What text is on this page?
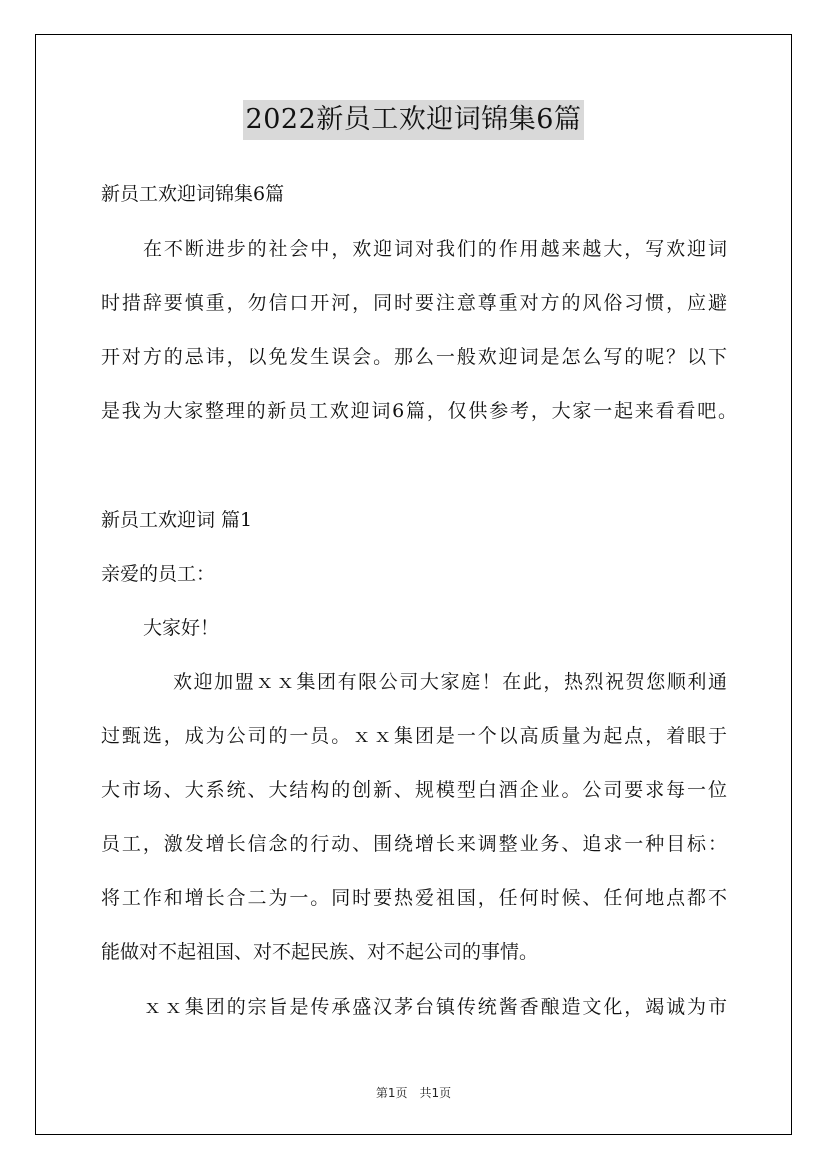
2022新员工欢迎词锦集6篇
新员工欢迎词锦集6篇
在不断进步的社会中，欢迎词对我们的作用越来越大，写欢迎词
时措辞要慎重，勿信口开河，同时要注意尊重对方的风俗习惯，应避
开对方的忌讳，以免发生误会。那么一般欢迎词是怎么写的呢？以下
是我为大家整理的新员工欢迎词6篇，仅供参考，大家一起来看看吧。
新员工欢迎词 篇1
亲爱的员工：
大家好！
欢迎加盟ｘｘ集团有限公司大家庭！在此，热烈祝贺您顺利通
过甄选，成为公司的一员。ｘｘ集团是一个以高质量为起点，着眼于
大市场、大系统、大结构的创新、规模型白酒企业。公司要求每一位
员工，激发增长信念的行动、围绕增长来调整业务、追求一种目标：
将工作和增长合二为一。同时要热爱祖国，任何时候、任何地点都不
能做对不起祖国、对不起民族、对不起公司的事情。
ｘｘ集团的宗旨是传承盛汉茅台镇传统酱香酿造文化，竭诚为市
第1页　共1页
